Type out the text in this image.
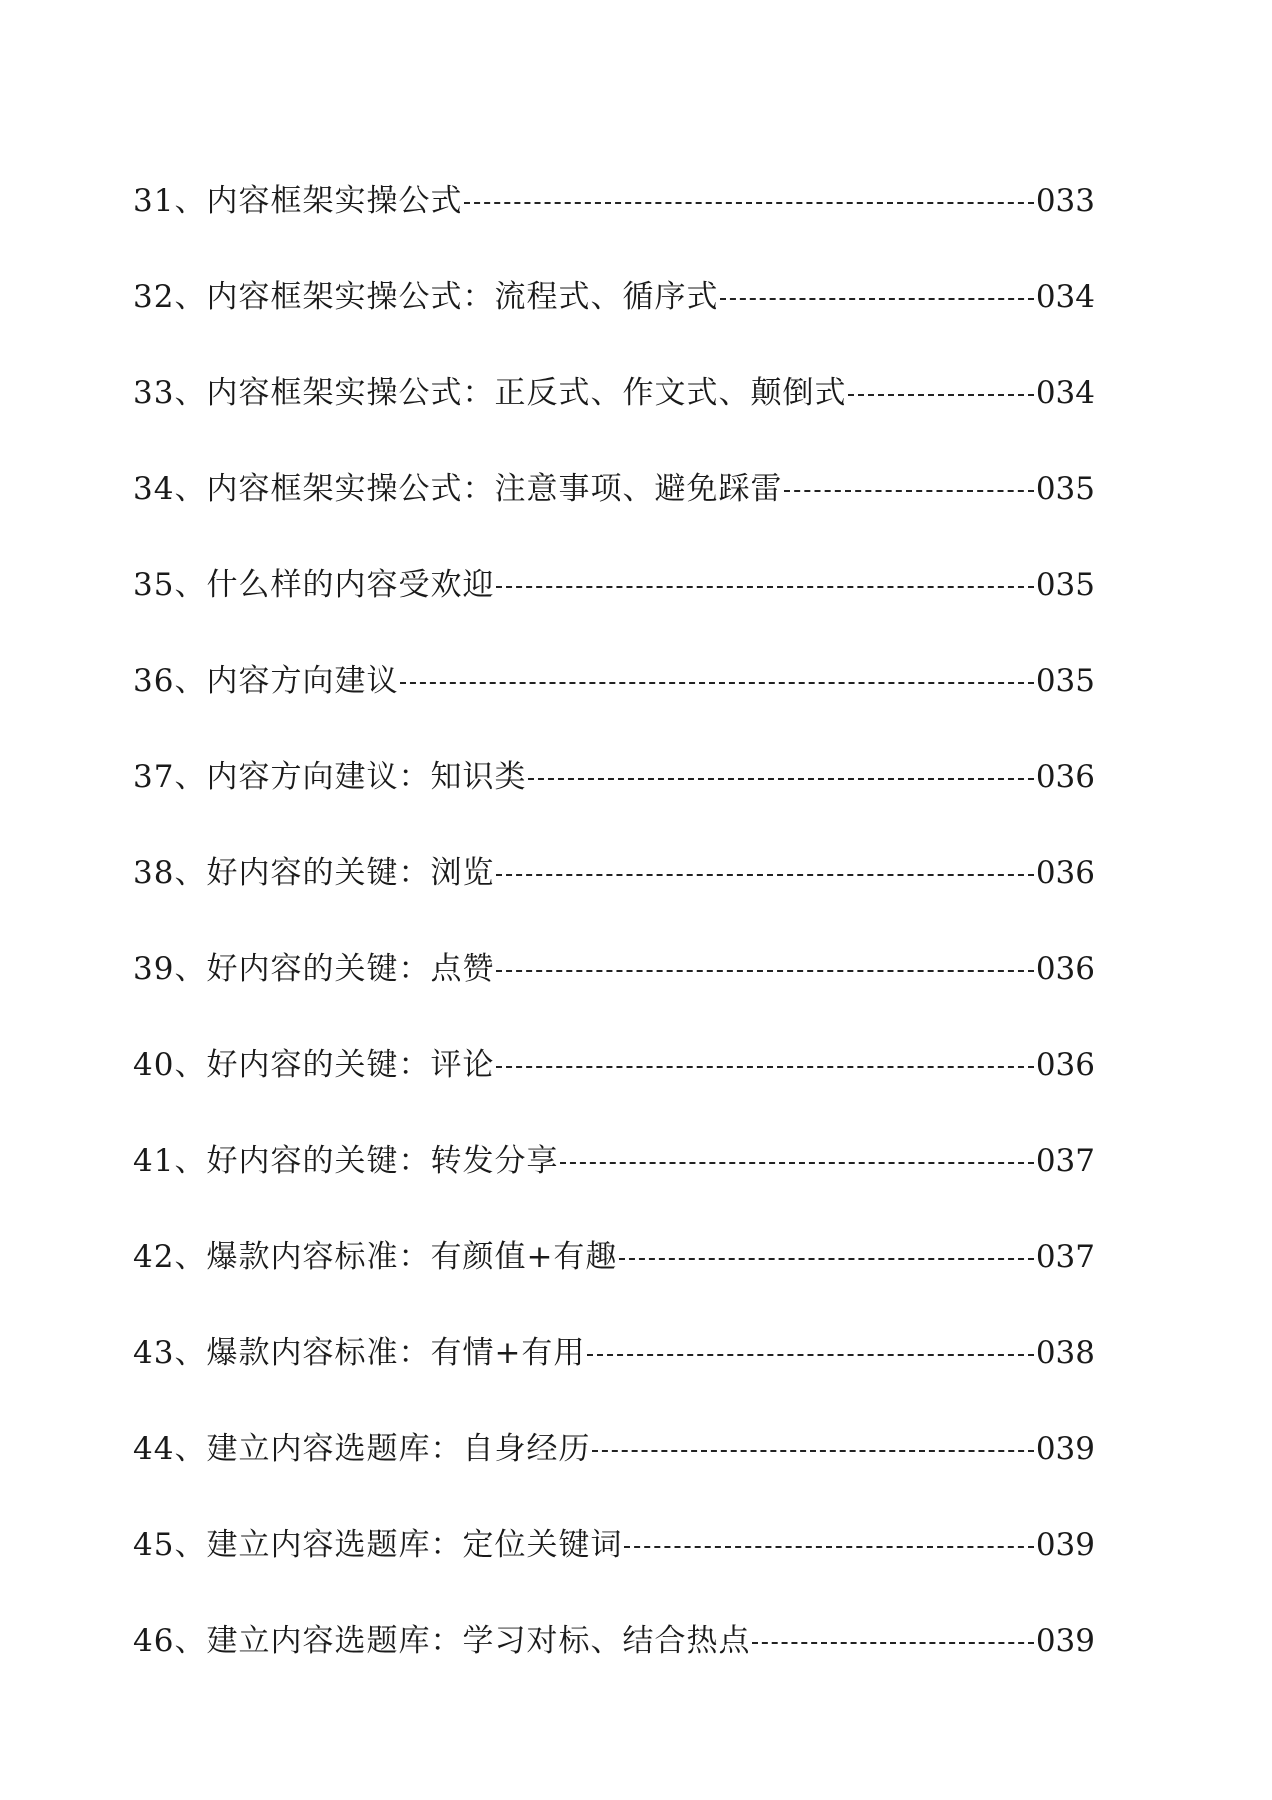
31、内容框架实操公式	033
32、内容框架实操公式：流程式、循序式	034
33、内容框架实操公式：正反式、作文式、颠倒式	034
34、内容框架实操公式：注意事项、避免踩雷	035
35、什么样的内容受欢迎	035
36、内容方向建议	035
37、内容方向建议：知识类	036
38、好内容的关键：浏览	036
39、好内容的关键：点赞	036
40、好内容的关键：评论	036
41、好内容的关键：转发分享	037
42、爆款内容标准：有颜值+有趣	037
43、爆款内容标准：有情+有用	038
44、建立内容选题库：自身经历	039
45、建立内容选题库：定位关键词	039
46、建立内容选题库：学习对标、结合热点	039
